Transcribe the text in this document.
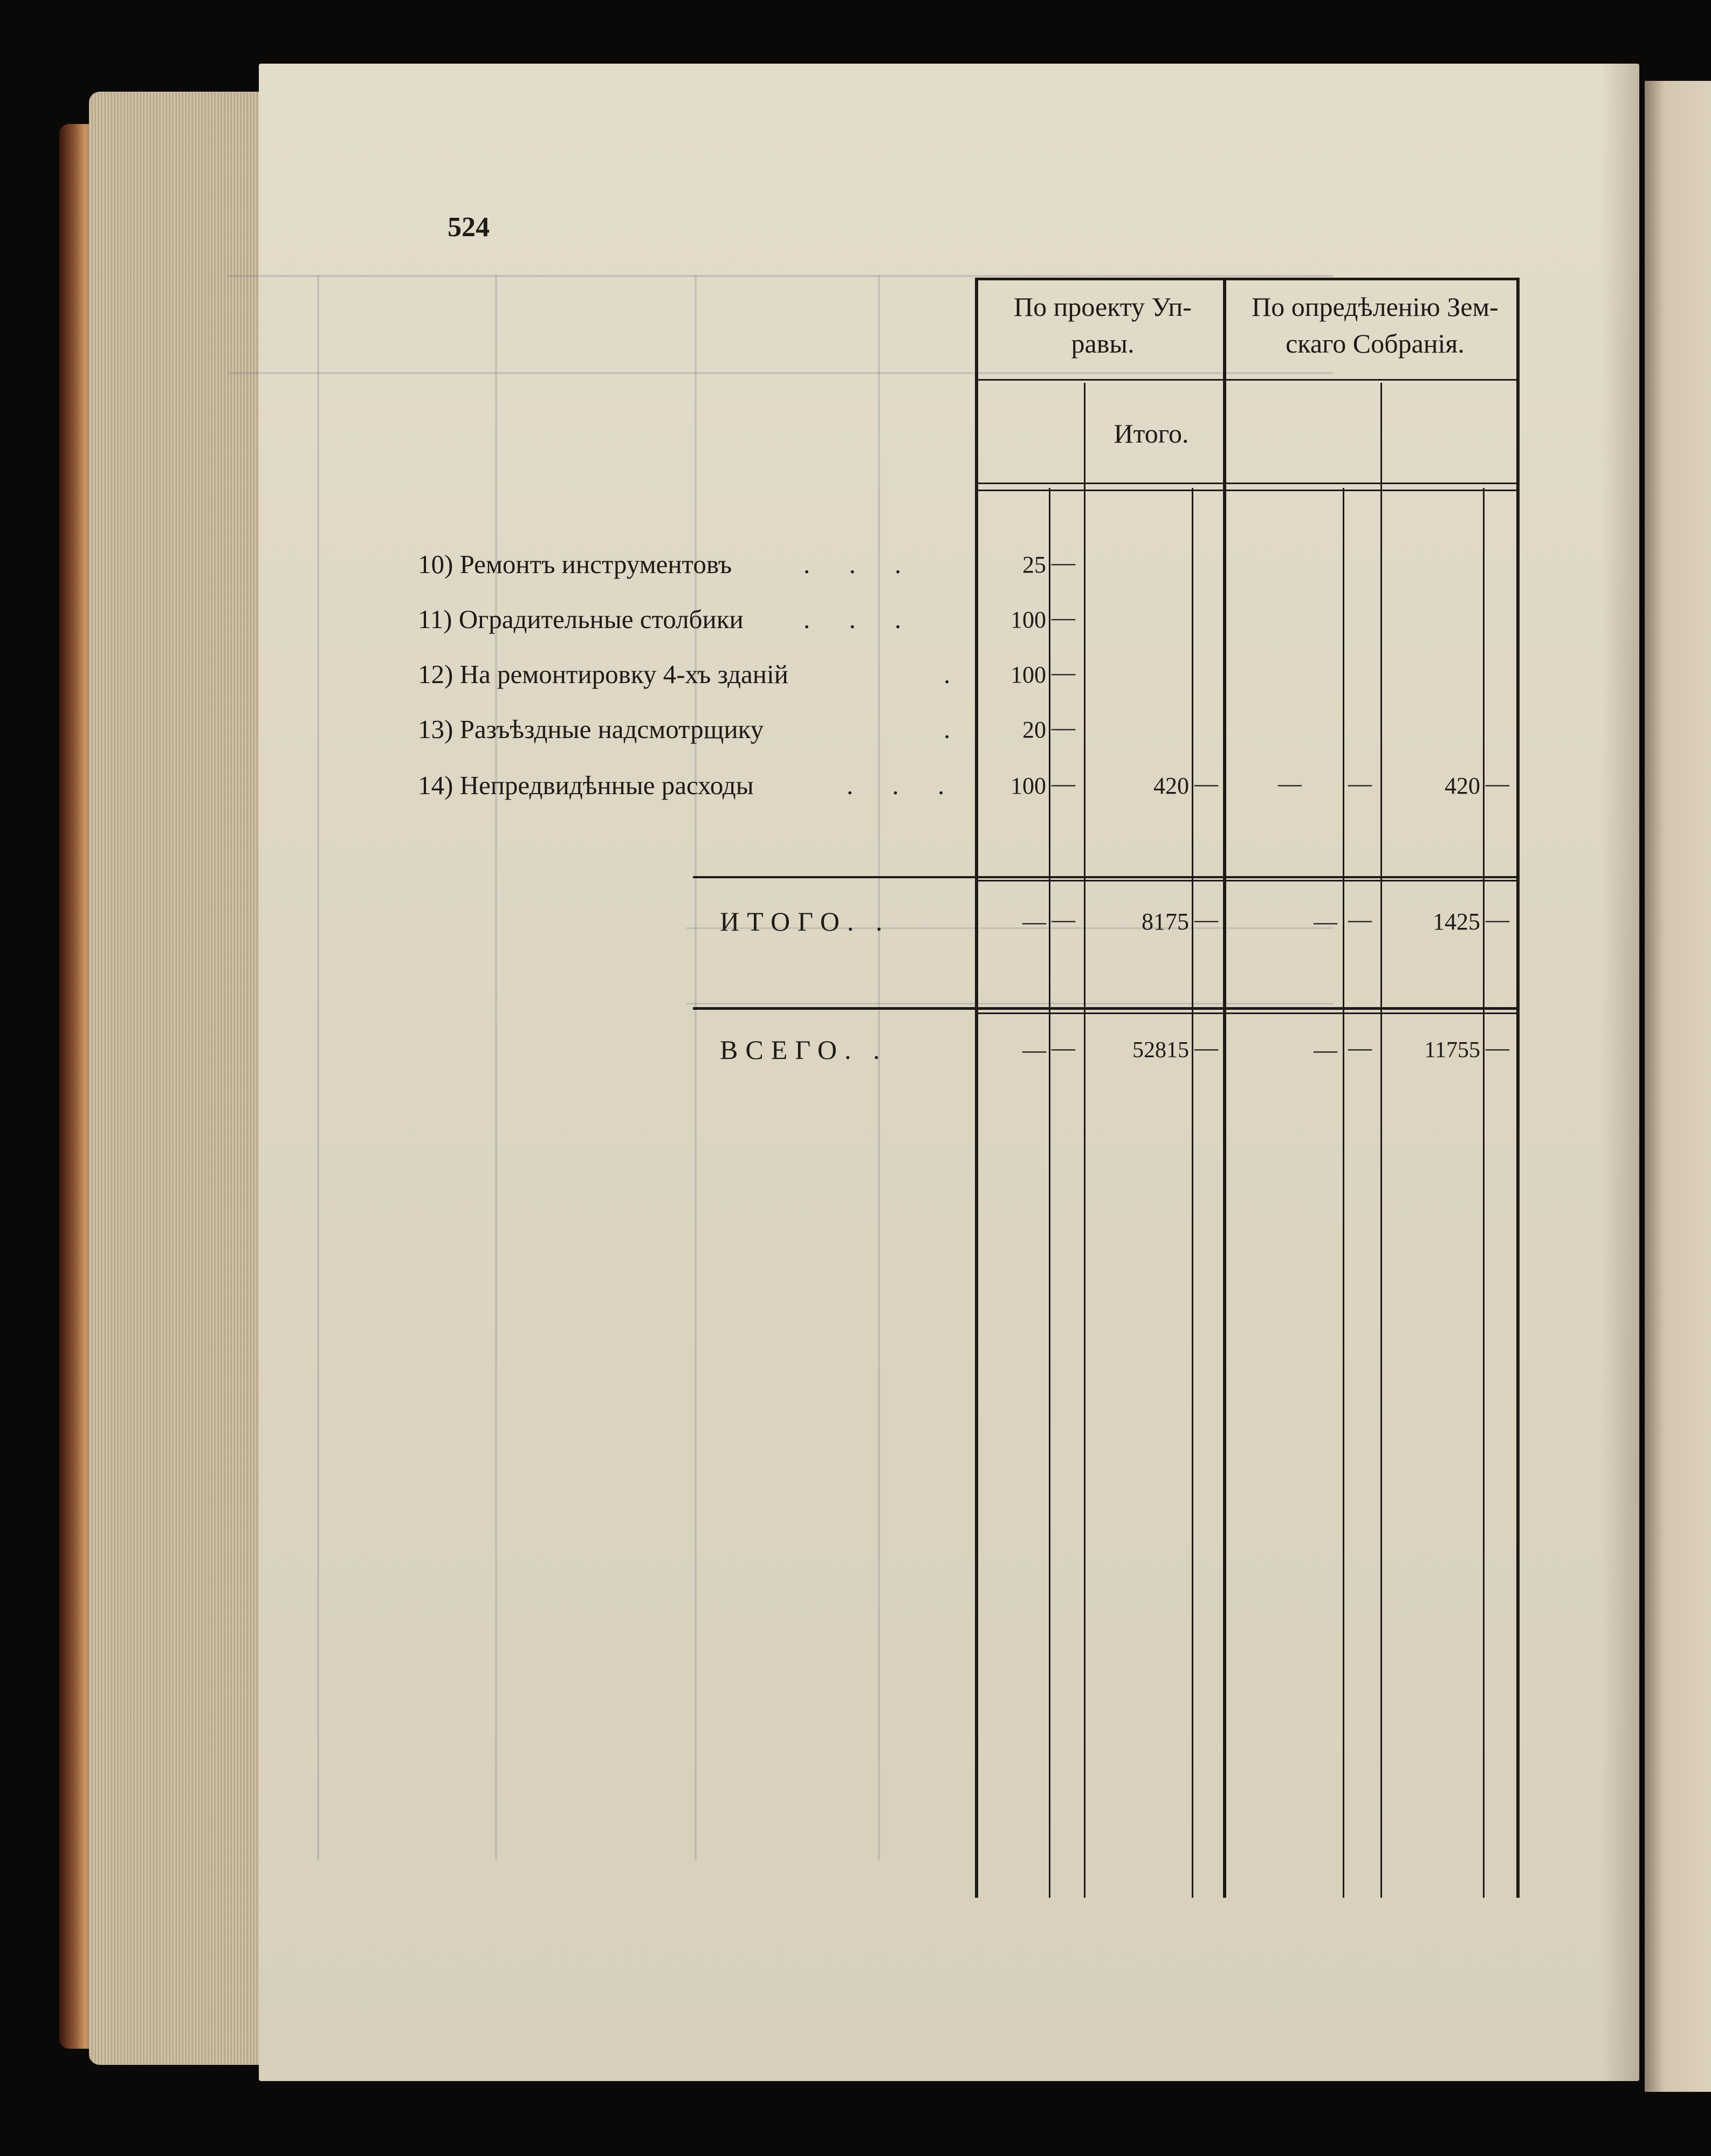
524
По проекту Уп-
равы.
По опредѣленію Зем-
скаго Собранія.
Итого.
10) Ремонтъ инструментовъ	. . .	25 —
11) Оградительные столбики . . .	100 —
12) На ремонтировку 4-хъ зданій	.	100 —
13) Разъѣздные надсмотрщику	.	20 —
14) Непредвидѣнные расходы	. . .	100 —	420 —	— —	420 —
ИТОГО. .	— —	8175 —	— —	1425 —
ВСЕГО. .	— —	52815 —	— —	11755 —
